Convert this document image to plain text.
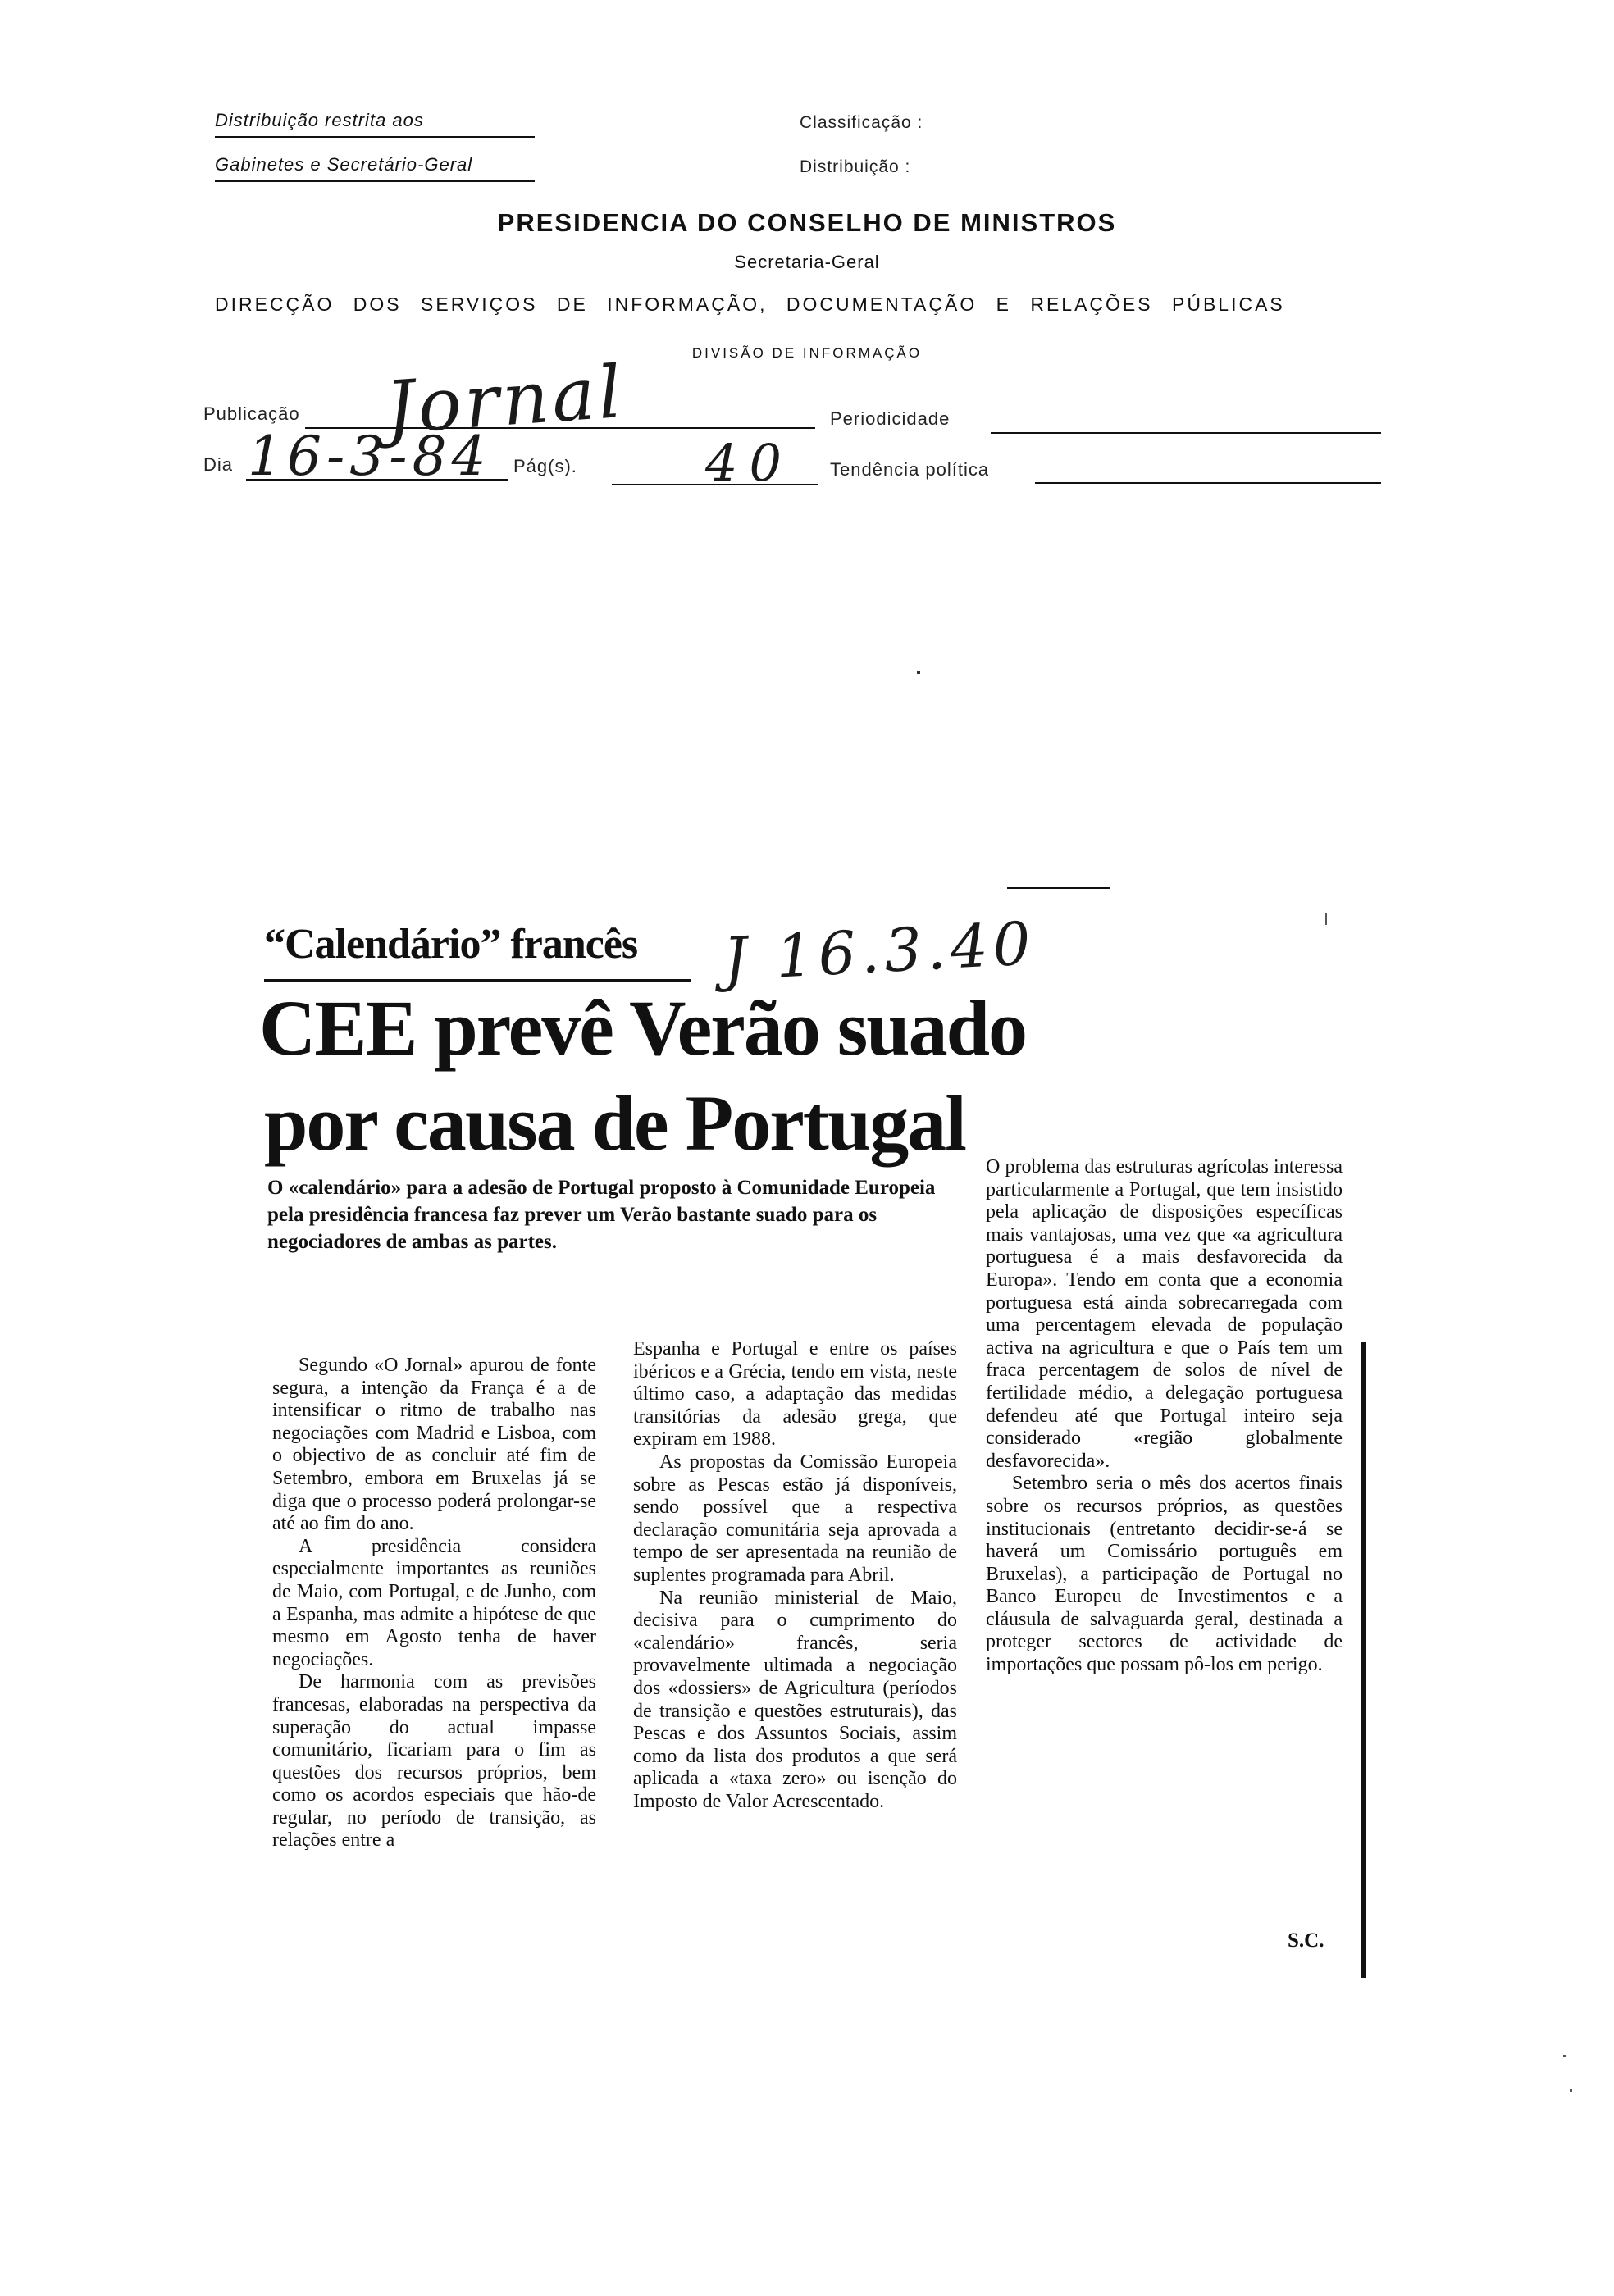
Distribuição restrita aos
Gabinetes e Secretário-Geral
Classificação :
Distribuição :
PRESIDENCIA DO CONSELHO DE MINISTROS
Secretaria-Geral
DIRECÇÃO DOS SERVIÇOS DE INFORMAÇÃO, DOCUMENTAÇÃO E RELAÇÕES PÚBLICAS
DIVISÃO DE INFORMAÇÃO
Publicação Jornal	Periodicidade
Dia 16-3-84 Pág(s).	40 Tendência política
“Calendário” francês J 16.3.40
CEE prevê Verão suado
por causa de Portugal
O «calendário» para a adesão de Portugal proposto à Comunidade Europeia pela presidência francesa faz prever um Verão bastante suado para os negociadores de ambas as partes.

Segundo «O Jornal» apurou de fonte segura, a intenção da França é a de intensificar o ritmo de trabalho nas negociações com Madrid e Lisboa, com o objectivo de as concluir até fim de Setembro, embora em Bruxelas já se diga que o processo poderá prolongar-se até ao fim do ano.

A presidência considera especialmente importantes as reuniões de Maio, com Portugal, e de Junho, com a Espanha, mas admite a hipótese de que mesmo em Agosto tenha de haver negociações.

De harmonia com as previsões francesas, elaboradas na perspectiva da superação do actual impasse comunitário, ficariam para o fim as questões dos recursos próprios, bem como os acordos especiais que hão-de regular, no período de transição, as relações entre a

Espanha e Portugal e entre os países ibéricos e a Grécia, tendo em vista, neste último caso, a adaptação das medidas transitórias da adesão grega, que expiram em 1988.

As propostas da Comissão Europeia sobre as Pescas estão já disponíveis, sendo possível que a respectiva declaração comunitária seja aprovada a tempo de ser apresentada na reunião de suplentes programada para Abril.

Na reunião ministerial de Maio, decisiva para o cumprimento do «calendário» francês, seria provavelmente ultimada a negociação dos «dossiers» de Agricultura (períodos de transição e questões estruturais), das Pescas e dos Assuntos Sociais, assim como da lista dos produtos a que será aplicada a «taxa zero» ou isenção do Imposto de Valor Acrescentado.

O problema das estruturas agrícolas interessa particularmente a Portugal, que tem insistido pela aplicação de disposições específicas mais vantajosas, uma vez que «a agricultura portuguesa é a mais desfavorecida da Europa». Tendo em conta que a economia portuguesa está ainda sobrecarregada com uma percentagem elevada de população activa na agricultura e que o País tem um fraca percentagem de solos de nível de fertilidade médio, a delegação portuguesa defendeu até que Portugal inteiro seja considerado «região globalmente desfavorecida».

Setembro seria o mês dos acertos finais sobre os recursos próprios, as questões institucionais (entretanto decidir-se-á se haverá um Comissário português em Bruxelas), a participação de Portugal no Banco Europeu de Investimentos e a cláusula de salvaguarda geral, destinada a proteger sectores de actividade de importações que possam pô-los em perigo.

S.C.
